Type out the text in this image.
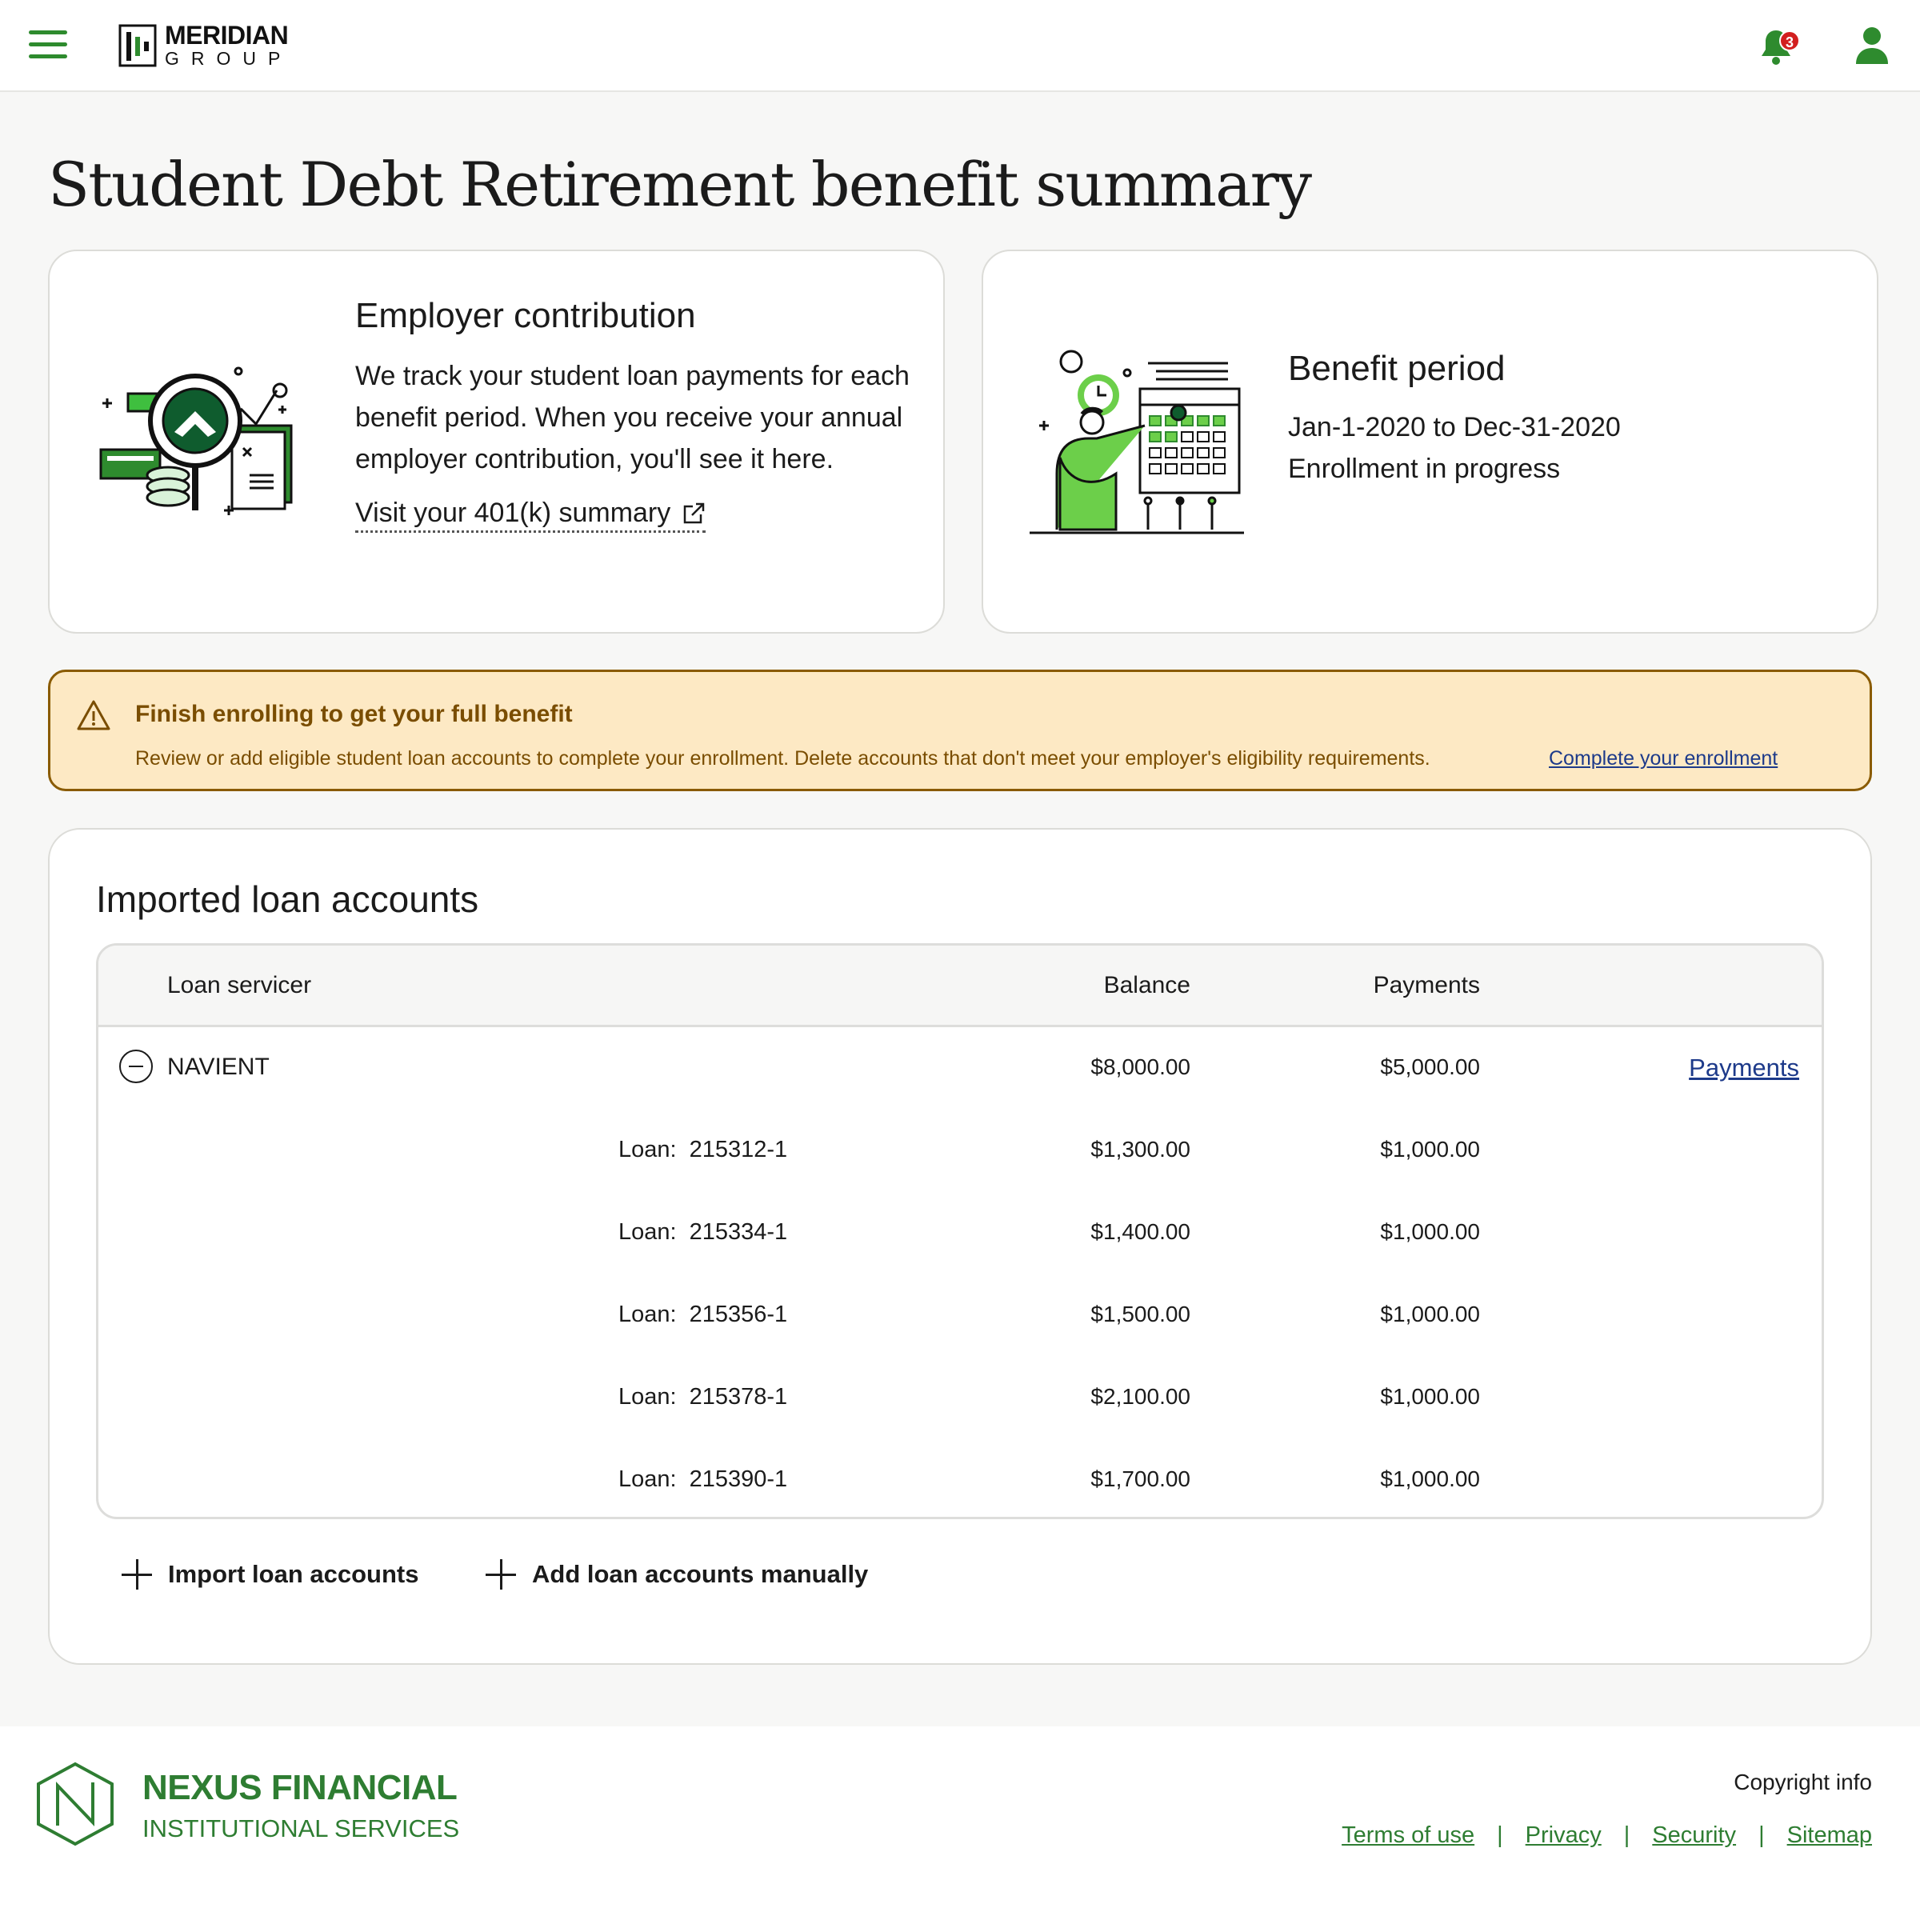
MERIDIAN
GROUP
3
Student Debt Retirement benefit summary
Employer contribution
We track your student loan payments for each benefit period. When you receive your annual employer contribution, you'll see it here.
Visit your 401(k) summary
Benefit period
Jan-1-2020 to Dec-31-2020
Enrollment in progress
Finish enrolling to get your full benefit
Review or add eligible student loan accounts to complete your enrollment. Delete accounts that don't meet your employer's eligibility requirements.	Complete your enrollment
Imported loan accounts
Loan servicer	Balance	Payments
NAVIENT	$8,000.00	$5,000.00	Payments
Loan: 215312-1	$1,300.00	$1,000.00
Loan: 215334-1	$1,400.00	$1,000.00
Loan: 215356-1	$1,500.00	$1,000.00
Loan: 215378-1	$2,100.00	$1,000.00
Loan: 215390-1	$1,700.00	$1,000.00
Import loan accounts	Add loan accounts manually
NEXUS FINANCIAL
INSTITUTIONAL SERVICES
Copyright info
Terms of use | Privacy | Security | Sitemap
